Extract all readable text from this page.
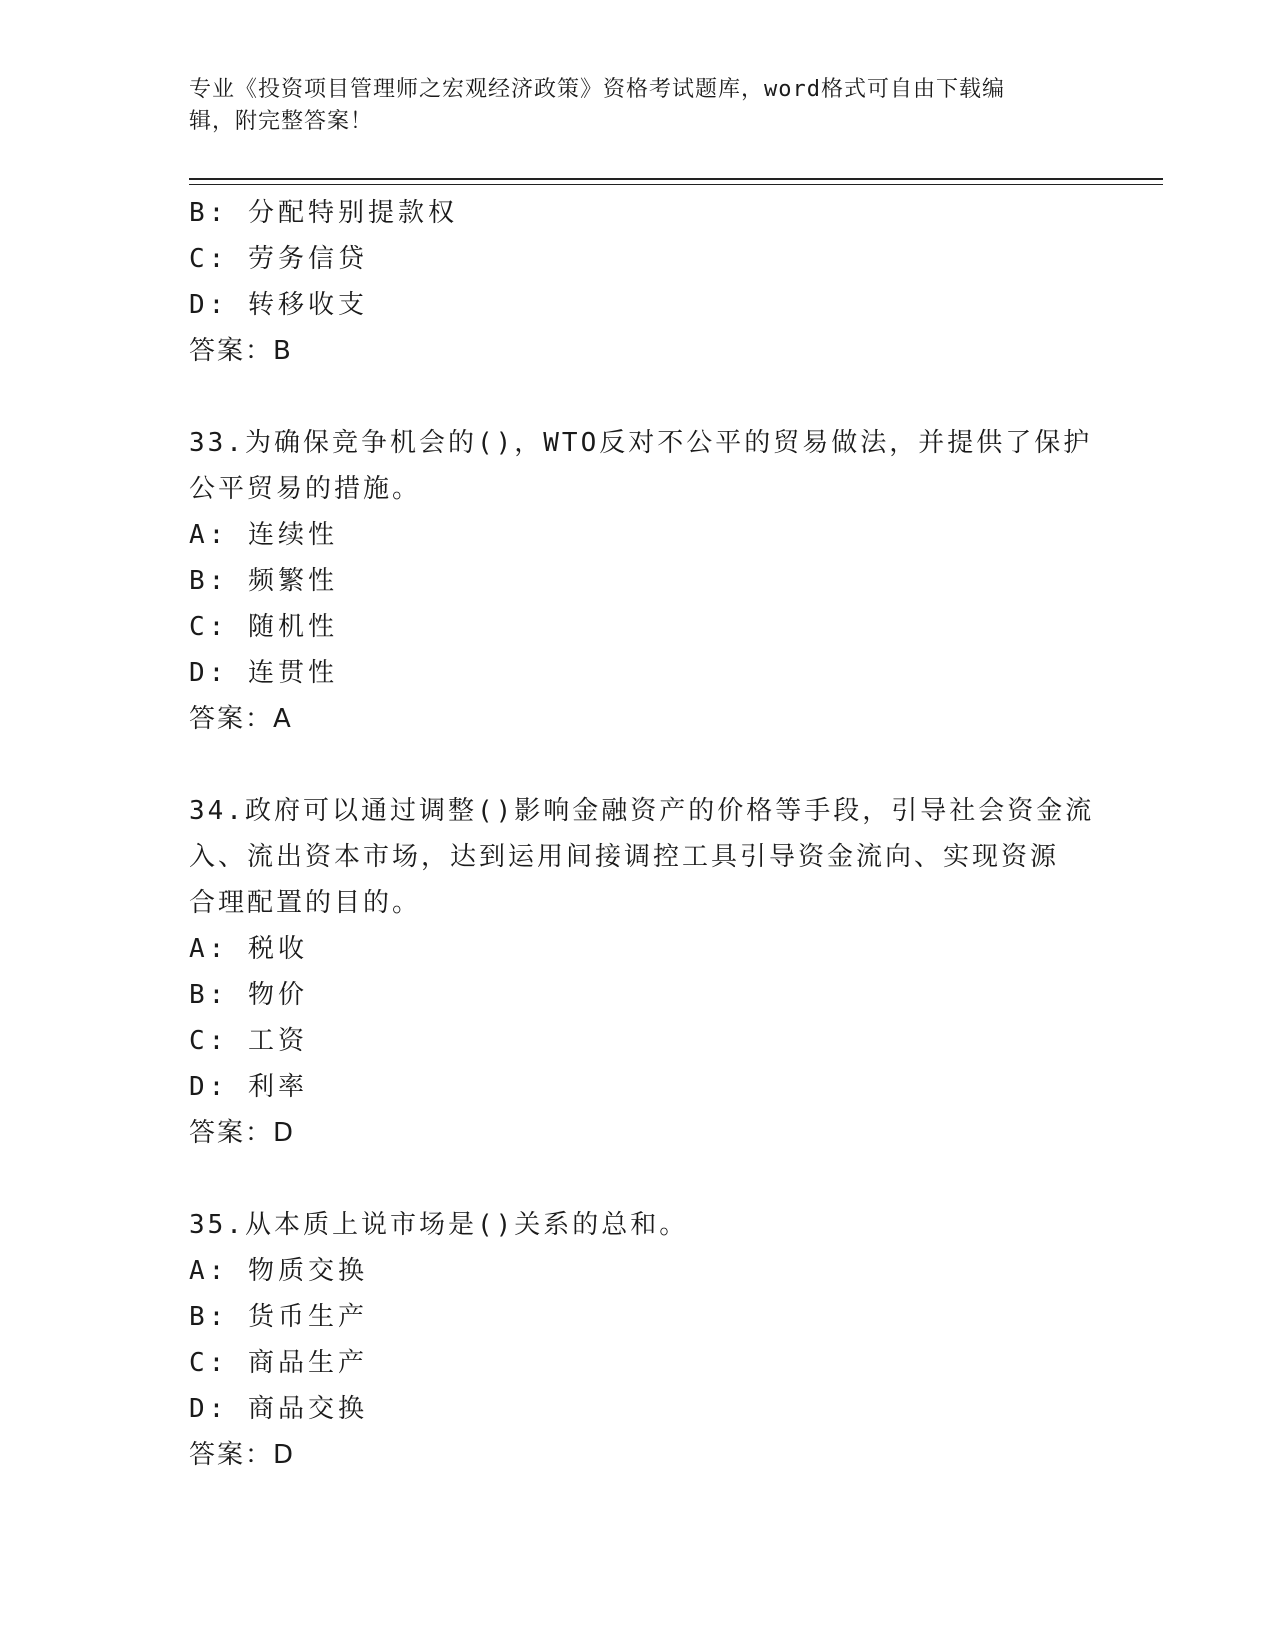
专业《投资项目管理师之宏观经济政策》资格考试题库，word格式可自由下载编
辑，附完整答案！
B: 分配特别提款权
C: 劳务信贷
D: 转移收支
答案：B
33.为确保竞争机会的()，WTO反对不公平的贸易做法，并提供了保护
公平贸易的措施。
A: 连续性
B: 频繁性
C: 随机性
D: 连贯性
答案：A
34.政府可以通过调整()影响金融资产的价格等手段，引导社会资金流
入、流出资本市场，达到运用间接调控工具引导资金流向、实现资源
合理配置的目的。
A: 税收
B: 物价
C: 工资
D: 利率
答案：D
35.从本质上说市场是()关系的总和。
A: 物质交换
B: 货币生产
C: 商品生产
D: 商品交换
答案：D
